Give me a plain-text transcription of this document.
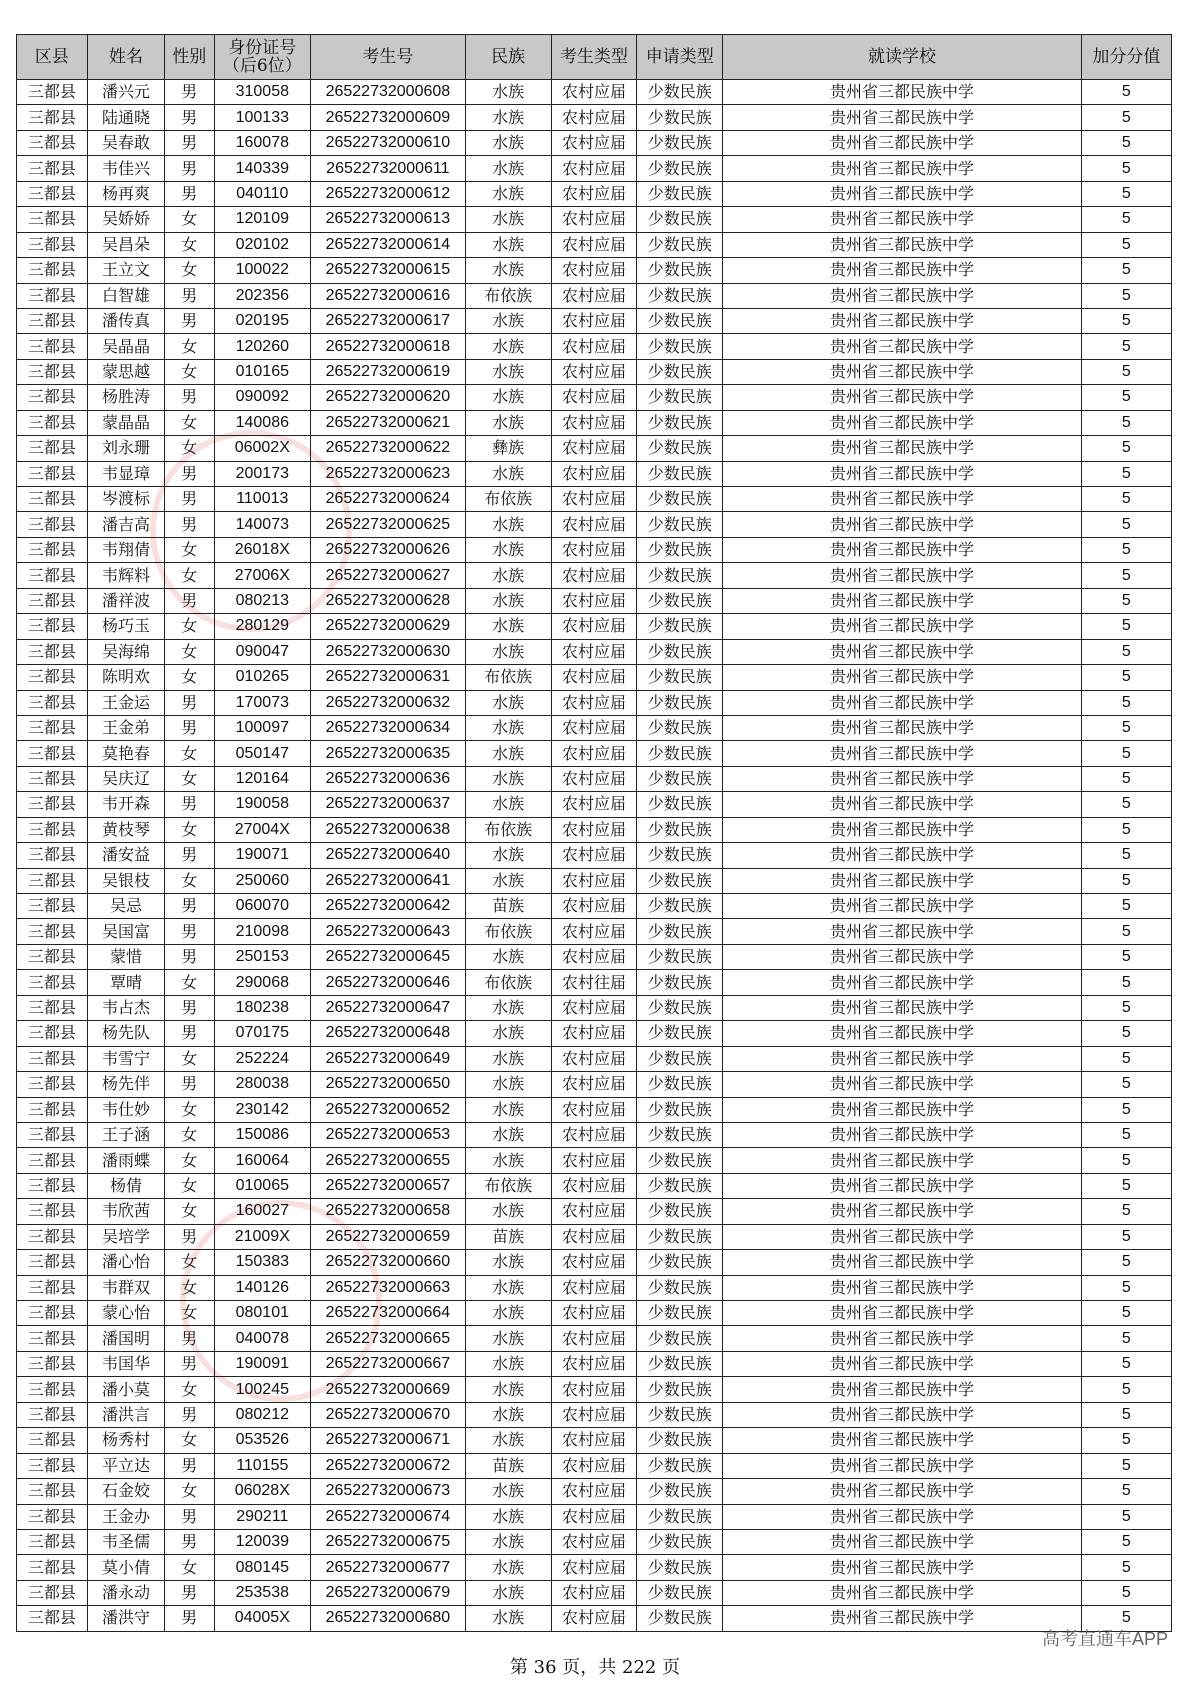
区县	姓名	性别	身份证号
（后6位）	考生号	民族	考生类型	申请类型	就读学校	加分分值
三都县	潘兴元	男	310058	26522732000608	水族	农村应届	少数民族	贵州省三都民族中学	5
三都县	陆通晓	男	100133	26522732000609	水族	农村应届	少数民族	贵州省三都民族中学	5
三都县	吴春敢	男	160078	26522732000610	水族	农村应届	少数民族	贵州省三都民族中学	5
三都县	韦佳兴	男	140339	26522732000611	水族	农村应届	少数民族	贵州省三都民族中学	5
三都县	杨再爽	男	040110	26522732000612	水族	农村应届	少数民族	贵州省三都民族中学	5
三都县	吴娇娇	女	120109	26522732000613	水族	农村应届	少数民族	贵州省三都民族中学	5
三都县	吴昌朵	女	020102	26522732000614	水族	农村应届	少数民族	贵州省三都民族中学	5
三都县	王立文	女	100022	26522732000615	水族	农村应届	少数民族	贵州省三都民族中学	5
三都县	白智雄	男	202356	26522732000616	布依族	农村应届	少数民族	贵州省三都民族中学	5
三都县	潘传真	男	020195	26522732000617	水族	农村应届	少数民族	贵州省三都民族中学	5
三都县	吴晶晶	女	120260	26522732000618	水族	农村应届	少数民族	贵州省三都民族中学	5
三都县	蒙思越	女	010165	26522732000619	水族	农村应届	少数民族	贵州省三都民族中学	5
三都县	杨胜涛	男	090092	26522732000620	水族	农村应届	少数民族	贵州省三都民族中学	5
三都县	蒙晶晶	女	140086	26522732000621	水族	农村应届	少数民族	贵州省三都民族中学	5
三都县	刘永珊	女	06002X	26522732000622	彝族	农村应届	少数民族	贵州省三都民族中学	5
三都县	韦显璋	男	200173	26522732000623	水族	农村应届	少数民族	贵州省三都民族中学	5
三都县	岑渡标	男	110013	26522732000624	布依族	农村应届	少数民族	贵州省三都民族中学	5
三都县	潘吉高	男	140073	26522732000625	水族	农村应届	少数民族	贵州省三都民族中学	5
三都县	韦翔倩	女	26018X	26522732000626	水族	农村应届	少数民族	贵州省三都民族中学	5
三都县	韦辉料	女	27006X	26522732000627	水族	农村应届	少数民族	贵州省三都民族中学	5
三都县	潘祥波	男	080213	26522732000628	水族	农村应届	少数民族	贵州省三都民族中学	5
三都县	杨巧玉	女	280129	26522732000629	水族	农村应届	少数民族	贵州省三都民族中学	5
三都县	吴海绵	女	090047	26522732000630	水族	农村应届	少数民族	贵州省三都民族中学	5
三都县	陈明欢	女	010265	26522732000631	布依族	农村应届	少数民族	贵州省三都民族中学	5
三都县	王金运	男	170073	26522732000632	水族	农村应届	少数民族	贵州省三都民族中学	5
三都县	王金弟	男	100097	26522732000634	水族	农村应届	少数民族	贵州省三都民族中学	5
三都县	莫艳春	女	050147	26522732000635	水族	农村应届	少数民族	贵州省三都民族中学	5
三都县	吴庆辽	女	120164	26522732000636	水族	农村应届	少数民族	贵州省三都民族中学	5
三都县	韦开森	男	190058	26522732000637	水族	农村应届	少数民族	贵州省三都民族中学	5
三都县	黄枝琴	女	27004X	26522732000638	布依族	农村应届	少数民族	贵州省三都民族中学	5
三都县	潘安益	男	190071	26522732000640	水族	农村应届	少数民族	贵州省三都民族中学	5
三都县	吴银枝	女	250060	26522732000641	水族	农村应届	少数民族	贵州省三都民族中学	5
三都县	吴忌	男	060070	26522732000642	苗族	农村应届	少数民族	贵州省三都民族中学	5
三都县	吴国富	男	210098	26522732000643	布依族	农村应届	少数民族	贵州省三都民族中学	5
三都县	蒙惜	男	250153	26522732000645	水族	农村应届	少数民族	贵州省三都民族中学	5
三都县	覃晴	女	290068	26522732000646	布依族	农村往届	少数民族	贵州省三都民族中学	5
三都县	韦占杰	男	180238	26522732000647	水族	农村应届	少数民族	贵州省三都民族中学	5
三都县	杨先队	男	070175	26522732000648	水族	农村应届	少数民族	贵州省三都民族中学	5
三都县	韦雪宁	女	252224	26522732000649	水族	农村应届	少数民族	贵州省三都民族中学	5
三都县	杨先伴	男	280038	26522732000650	水族	农村应届	少数民族	贵州省三都民族中学	5
三都县	韦仕妙	女	230142	26522732000652	水族	农村应届	少数民族	贵州省三都民族中学	5
三都县	王子涵	女	150086	26522732000653	水族	农村应届	少数民族	贵州省三都民族中学	5
三都县	潘雨蝶	女	160064	26522732000655	水族	农村应届	少数民族	贵州省三都民族中学	5
三都县	杨倩	女	010065	26522732000657	布依族	农村应届	少数民族	贵州省三都民族中学	5
三都县	韦欣茜	女	160027	26522732000658	水族	农村应届	少数民族	贵州省三都民族中学	5
三都县	吴培学	男	21009X	26522732000659	苗族	农村应届	少数民族	贵州省三都民族中学	5
三都县	潘心怡	女	150383	26522732000660	水族	农村应届	少数民族	贵州省三都民族中学	5
三都县	韦群双	女	140126	26522732000663	水族	农村应届	少数民族	贵州省三都民族中学	5
三都县	蒙心怡	女	080101	26522732000664	水族	农村应届	少数民族	贵州省三都民族中学	5
三都县	潘国明	男	040078	26522732000665	水族	农村应届	少数民族	贵州省三都民族中学	5
三都县	韦国华	男	190091	26522732000667	水族	农村应届	少数民族	贵州省三都民族中学	5
三都县	潘小莫	女	100245	26522732000669	水族	农村应届	少数民族	贵州省三都民族中学	5
三都县	潘洪言	男	080212	26522732000670	水族	农村应届	少数民族	贵州省三都民族中学	5
三都县	杨秀村	女	053526	26522732000671	水族	农村应届	少数民族	贵州省三都民族中学	5
三都县	平立达	男	110155	26522732000672	苗族	农村应届	少数民族	贵州省三都民族中学	5
三都县	石金姣	女	06028X	26522732000673	水族	农村应届	少数民族	贵州省三都民族中学	5
三都县	王金办	男	290211	26522732000674	水族	农村应届	少数民族	贵州省三都民族中学	5
三都县	韦圣儒	男	120039	26522732000675	水族	农村应届	少数民族	贵州省三都民族中学	5
三都县	莫小倩	女	080145	26522732000677	水族	农村应届	少数民族	贵州省三都民族中学	5
三都县	潘永动	男	253538	26522732000679	水族	农村应届	少数民族	贵州省三都民族中学	5
三都县	潘洪守	男	04005X	26522732000680	水族	农村应届	少数民族	贵州省三都民族中学	5
第 36 页，共 222 页
高考直通车APP
